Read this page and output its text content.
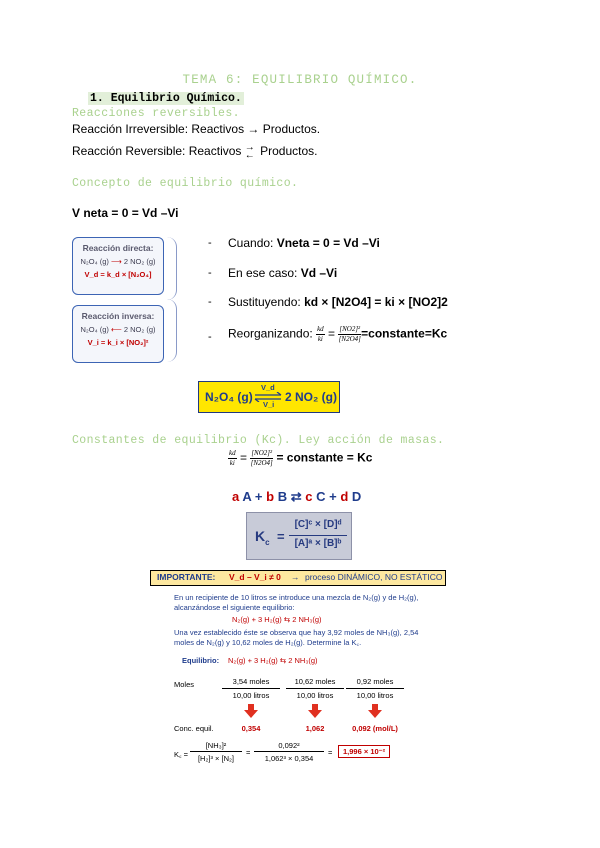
TEMA 6: EQUILIBRIO QUÍMICO.
1. Equilibrio Químico.
Reacciones reversibles.
Reacción Irreversible: Reactivos → Productos.
Reacción Reversible: Reactivos →
← Productos.
Concepto de equilibrio químico.
V neta = 0 = Vd –Vi
Reacción directa:
N₂O₄ (g) ⟶ 2 NO₂ (g)
V_d = k_d × [N₂O₄]
Reacción inversa:
N₂O₄ (g) ⟵ 2 NO₂ (g)
V_i = k_i × [NO₂]²
- Cuando: Vneta = 0 = Vd –Vi
- En ese caso: Vd –Vi
- Sustituyendo: kd × [N2O4] = ki × [NO2]2
- Reorganizando: $\frac{kd}{ki} = \frac{\text{[NO2]²}}{[N2O4]}$ =constante=Kc
N₂O₄ (g)
V_d
V_i
2 NO₂ (g)
Constantes de equilibrio (Kc). Ley acción de masas.
$\frac{kd}{ki} = \frac{\text{[NO2]²}}{[N2O4]}$ = constante = Kc
a A + b B ⇄ c C + d D
$K_c$ =
[C]ᶜ × [D]ᵈ
[A]ᵃ × [B]ᵇ
IMPORTANTE: V_d – V_i ≠ 0 → proceso DINÁMICO, NO ESTÁTICO
En un recipiente de 10 litros se introduce una mezcla de N₂(g) y de H₂(g),
alcanzándose el siguiente equilibrio:
N₂(g) + 3 H₂(g) ⇆ 2 NH₃(g)
Una vez establecido éste se observa que hay 3,92 moles de NH₃(g), 2,54
moles de N₂(g) y 10,62 moles de H₂(g). Determine la K꜀.
Equilibrio: N₂(g) + 3 H₂(g) ⇆ 2 NH₃(g)
Moles	3,54 moles	10,62 moles	0,92 moles
10,00 litros	10,00 litros	10,00 litros
Conc. equil.	0,354	1,062	0,092 (mol/L)
K꜀ =
[NH₃]²
[H₂]³ × [N₂]
=
0,092²
1,062³ × 0,354
=	1,996 × 10⁻²
